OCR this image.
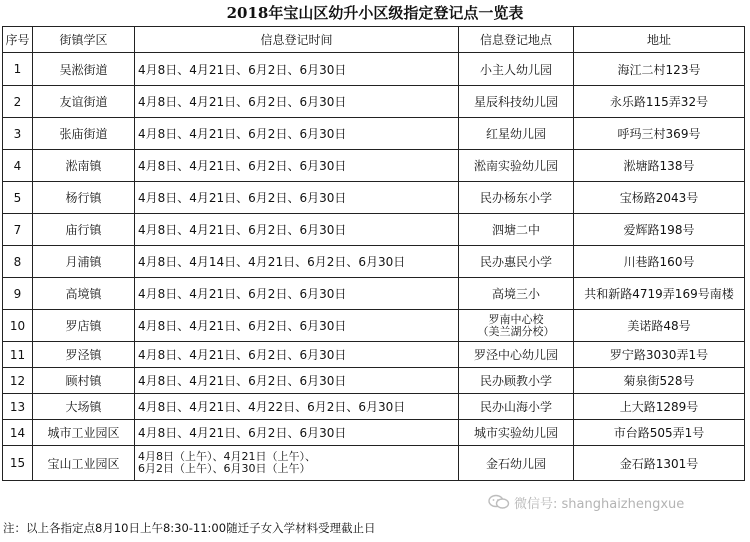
2018年宝山区幼升小区级指定登记点一览表
序号	街镇学区	信息登记时间	信息登记地点	地址
1	吴淞街道	4月8日、4月21日、6月2日、6月30日	小主人幼儿园	海江二村123号
2	友谊街道	4月8日、4月21日、6月2日、6月30日	星辰科技幼儿园	永乐路115弄32号
3	张庙街道	4月8日、4月21日、6月2日、6月30日	红星幼儿园	呼玛三村369号
4	淞南镇	4月8日、4月21日、6月2日、6月30日	淞南实验幼儿园	淞塘路138号
5	杨行镇	4月8日、4月21日、6月2日、6月30日	民办杨东小学	宝杨路2043号
7	庙行镇	4月8日、4月21日、6月2日、6月30日	泗塘二中	爱辉路198号
8	月浦镇	4月8日、4月14日、4月21日、6月2日、6月30日	民办惠民小学	川巷路160号
9	高境镇	4月8日、4月21日、6月2日、6月30日	高境三小	共和新路4719弄169号南楼
10	罗店镇	4月8日、4月21日、6月2日、6月30日	罗南中心校
（美兰湖分校）	美诺路48号
11	罗泾镇	4月8日、4月21日、6月2日、6月30日	罗泾中心幼儿园	罗宁路3030弄1号
12	顾村镇	4月8日、4月21日、6月2日、6月30日	民办顾教小学	菊泉街528号
13	大场镇	4月8日、4月21日、4月22日、6月2日、6月30日	民办山海小学	上大路1289号
14	城市工业园区	4月8日、4月21日、6月2日、6月30日	城市实验幼儿园	市台路505弄1号
15	宝山工业园区	4月8日（上午）、4月21日（上午）、
6月2日（上午）、6月30日（上午）	金石幼儿园	金石路1301号
微信号: shanghaizhengxue
注：以上各指定点8月10日上午8:30-11:00随迁子女入学材料受理截止日
